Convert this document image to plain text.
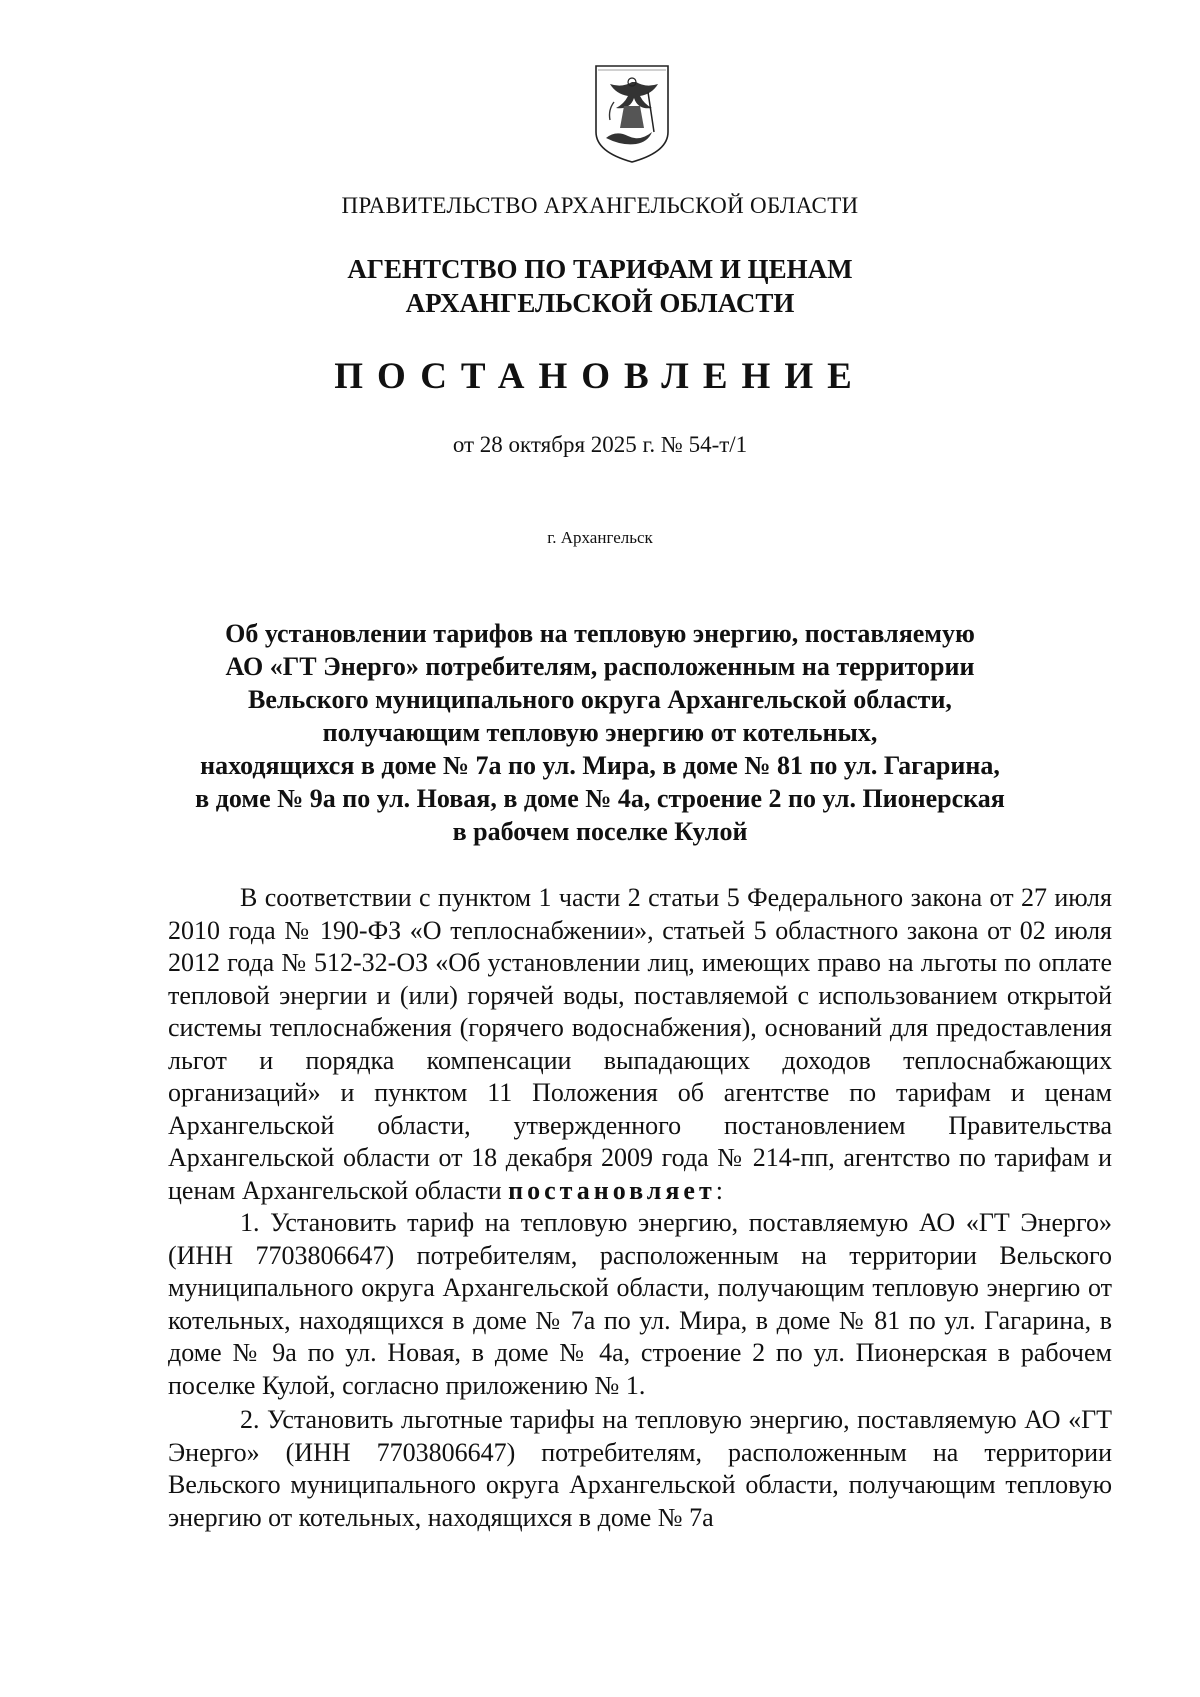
ПРАВИТЕЛЬСТВО АРХАНГЕЛЬСКОЙ ОБЛАСТИ
АГЕНТСТВО ПО ТАРИФАМ И ЦЕНАМ
АРХАНГЕЛЬСКОЙ ОБЛАСТИ
ПОСТАНОВЛЕНИЕ
от 28 октября 2025 г. № 54-т/1
г. Архангельск
Об установлении тарифов на тепловую энергию, поставляемую
АО «ГТ Энерго» потребителям, расположенным на территории
Вельского муниципального округа Архангельской области,
получающим тепловую энергию от котельных,
находящихся в доме № 7а по ул. Мира, в доме № 81 по ул. Гагарина,
в доме № 9а по ул. Новая, в доме № 4а, строение 2 по ул. Пионерская
в рабочем поселке Кулой

В соответствии с пунктом 1 части 2 статьи 5 Федерального закона от 27 июля 2010 года № 190-ФЗ «О теплоснабжении», статьей 5 областного закона от 02 июля 2012 года № 512-32-ОЗ «Об установлении лиц, имеющих право на льготы по оплате тепловой энергии и (или) горячей воды, поставляемой с использованием открытой системы теплоснабжения (горячего водоснабжения), оснований для предоставления льгот и порядка компенсации выпадающих доходов теплоснабжающих организаций» и пунктом 11 Положения об агентстве по тарифам и ценам Архангельской области, утвержденного постановлением Правительства Архангельской области от 18 декабря 2009 года № 214-пп, агентство по тарифам и ценам Архангельской области постановляет:

1. Установить тариф на тепловую энергию, поставляемую АО «ГТ Энерго» (ИНН 7703806647) потребителям, расположенным на территории Вельского муниципального округа Архангельской области, получающим тепловую энергию от котельных, находящихся в доме № 7а по ул. Мира, в доме № 81 по ул. Гагарина, в доме № 9а по ул. Новая, в доме № 4а, строение 2 по ул. Пионерская в рабочем поселке Кулой, согласно приложению № 1.

2. Установить льготные тарифы на тепловую энергию, поставляемую АО «ГТ Энерго» (ИНН 7703806647) потребителям, расположенным на территории Вельского муниципального округа Архангельской области, получающим тепловую энергию от котельных, находящихся в доме № 7а
